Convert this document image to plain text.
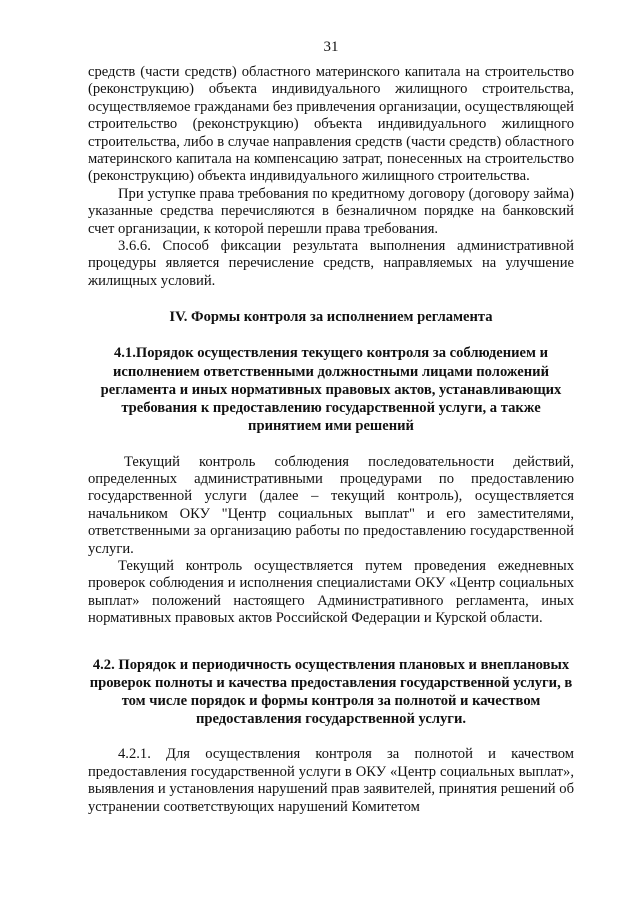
31

средств (части средств) областного материнского капитала на строительство (реконструкцию) объекта индивидуального жилищного строительства, осуществляемое гражданами без привлечения организации, осуществляющей строительство (реконструкцию) объекта индивидуального жилищного строительства, либо в случае направления средств (части средств) областного материнского капитала на компенсацию затрат, понесенных на строительство (реконструкцию) объекта индивидуального жилищного строительства.

При уступке права требования по кредитному договору (договору займа) указанные средства перечисляются в безналичном порядке на банковский счет организации, к которой перешли права требования.

3.6.6. Способ фиксации результата выполнения административной процедуры является перечисление средств, направляемых на улучшение жилищных условий.

IV. Формы контроля за исполнением регламента
4.1.Порядок осуществления текущего контроля за соблюдением и исполнением ответственными должностными лицами положений регламента и иных нормативных правовых актов, устанавливающих требования к предоставлению государственной услуги, а также принятием ими решений

Текущий контроль соблюдения последовательности действий, определенных административными процедурами по предоставлению государственной услуги (далее – текущий контроль), осуществляется начальником ОКУ "Центр социальных выплат" и его заместителями, ответственными за организацию работы по предоставлению государственной услуги.

Текущий контроль осуществляется путем проведения ежедневных проверок соблюдения и исполнения специалистами ОКУ «Центр социальных выплат» положений настоящего Административного регламента, иных нормативных правовых актов Российской Федерации и Курской области.

4.2. Порядок и периодичность осуществления плановых и внеплановых проверок полноты и качества предоставления государственной услуги, в том числе порядок и формы контроля за полнотой и качеством предоставления государственной услуги.

4.2.1. Для осуществления контроля за полнотой и качеством предоставления государственной услуги в ОКУ «Центр социальных выплат», выявления и установления нарушений прав заявителей, принятия решений об устранении соответствующих нарушений Комитетом
